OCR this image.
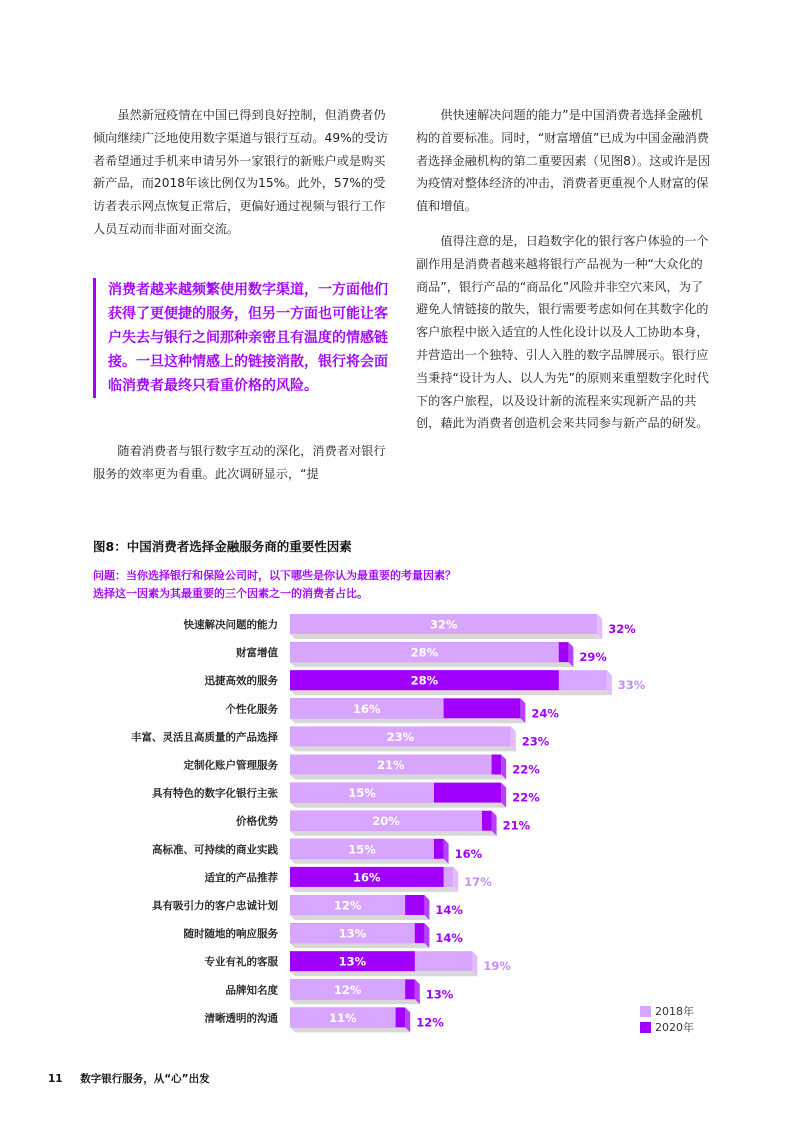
虽然新冠疫情在中国已得到良好控制，但消费者仍倾向继续广泛地使用数字渠道与银行互动。49%的受访者希望通过手机来申请另外一家银行的新账户或是购买新产品，而2018年该比例仅为15%。此外，57%的受访者表示网点恢复正常后，更偏好通过视频与银行工作人员互动而非面对面交流。

消费者越来越频繁使用数字渠道，一方面他们获得了更便捷的服务，但另一方面也可能让客户失去与银行之间那种亲密且有温度的情感链接。一旦这种情感上的链接消散，银行将会面临消费者最终只看重价格的风险。

随着消费者与银行数字互动的深化，消费者对银行服务的效率更为看重。此次调研显示，“提

供快速解决问题的能力”是中国消费者选择金融机构的首要标准。同时，“财富增值”已成为中国金融消费者选择金融机构的第二重要因素（见图8）。这或许是因为疫情对整体经济的冲击，消费者更重视个人财富的保值和增值。

值得注意的是，日趋数字化的银行客户体验的一个副作用是消费者越来越将银行产品视为一种“大众化的商品”，银行产品的“商品化”风险并非空穴来风，为了避免人情链接的散失，银行需要考虑如何在其数字化的客户旅程中嵌入适宜的人性化设计以及人工协助本身，并营造出一个独特、引人入胜的数字品牌展示。银行应当秉持“设计为人、以人为先”的原则来重塑数字化时代下的客户旅程，以及设计新的流程来实现新产品的共创，藉此为消费者创造机会来共同参与新产品的研发。

图8：中国消费者选择金融服务商的重要性因素
问题：当你选择银行和保险公司时，以下哪些是你认为最重要的考量因素？
选择这一因素为其最重要的三个因素之一的消费者占比。
快速解决问题的能力	32%	32%
财富增值	28%	29%
迅捷高效的服务	28%	33%
个性化服务	16%	24%
丰富、灵活且高质量的产品选择	23%	23%
定制化账户管理服务	21%	22%
具有特色的数字化银行主张	15%	22%
价格优势	20%	21%
高标准、可持续的商业实践	15%	16%
适宜的产品推荐	16%	17%
具有吸引力的客户忠诚计划	12%	14%
随时随地的响应服务	13%	14%
专业有礼的客服	13%	19%
品牌知名度	12%	13%
清晰透明的沟通	11%	12%
2018年
2020年
11 数字银行服务，从“心”出发
